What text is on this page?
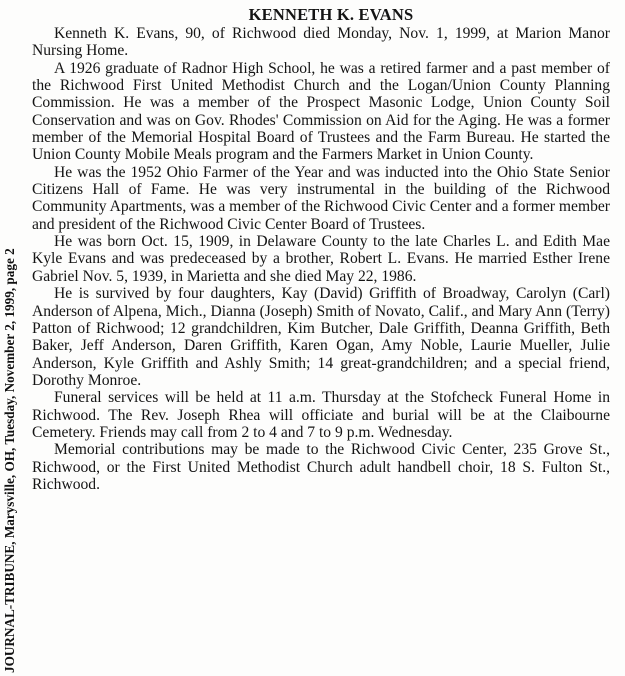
JOURNAL-TRIBUNE, Marysville, OH, Tuesday, November 2, 1999, page 2
KENNETH K. EVANS

Kenneth K. Evans, 90, of Richwood died Monday, Nov. 1, 1999, at Marion Manor Nursing Home.

A 1926 graduate of Radnor High School, he was a retired farmer and a past member of the Richwood First United Methodist Church and the Logan/Union County Planning Commission. He was a member of the Prospect Masonic Lodge, Union County Soil Conservation and was on Gov. Rhodes' Commission on Aid for the Aging. He was a former member of the Memorial Hospital Board of Trustees and the Farm Bureau. He started the Union County Mobile Meals program and the Farmers Market in Union County.

He was the 1952 Ohio Farmer of the Year and was inducted into the Ohio State Senior Citizens Hall of Fame. He was very instrumental in the building of the Richwood Community Apartments, was a member of the Richwood Civic Center and a former member and president of the Richwood Civic Center Board of Trustees.

He was born Oct. 15, 1909, in Delaware County to the late Charles L. and Edith Mae Kyle Evans and was predeceased by a brother, Robert L. Evans. He married Esther Irene Gabriel Nov. 5, 1939, in Marietta and she died May 22, 1986.

He is survived by four daughters, Kay (David) Griffith of Broadway, Carolyn (Carl) Anderson of Alpena, Mich., Dianna (Joseph) Smith of Novato, Calif., and Mary Ann (Terry) Patton of Richwood; 12 grandchildren, Kim Butcher, Dale Griffith, Deanna Griffith, Beth Baker, Jeff Anderson, Daren Griffith, Karen Ogan, Amy Noble, Laurie Mueller, Julie Anderson, Kyle Griffith and Ashly Smith; 14 great-grandchildren; and a special friend, Dorothy Monroe.

Funeral services will be held at 11 a.m. Thursday at the Stofcheck Funeral Home in Richwood. The Rev. Joseph Rhea will officiate and burial will be at the Claibourne Cemetery. Friends may call from 2 to 4 and 7 to 9 p.m. Wednesday.

Memorial contributions may be made to the Richwood Civic Center, 235 Grove St., Richwood, or the First United Methodist Church adult handbell choir, 18 S. Fulton St., Richwood.
